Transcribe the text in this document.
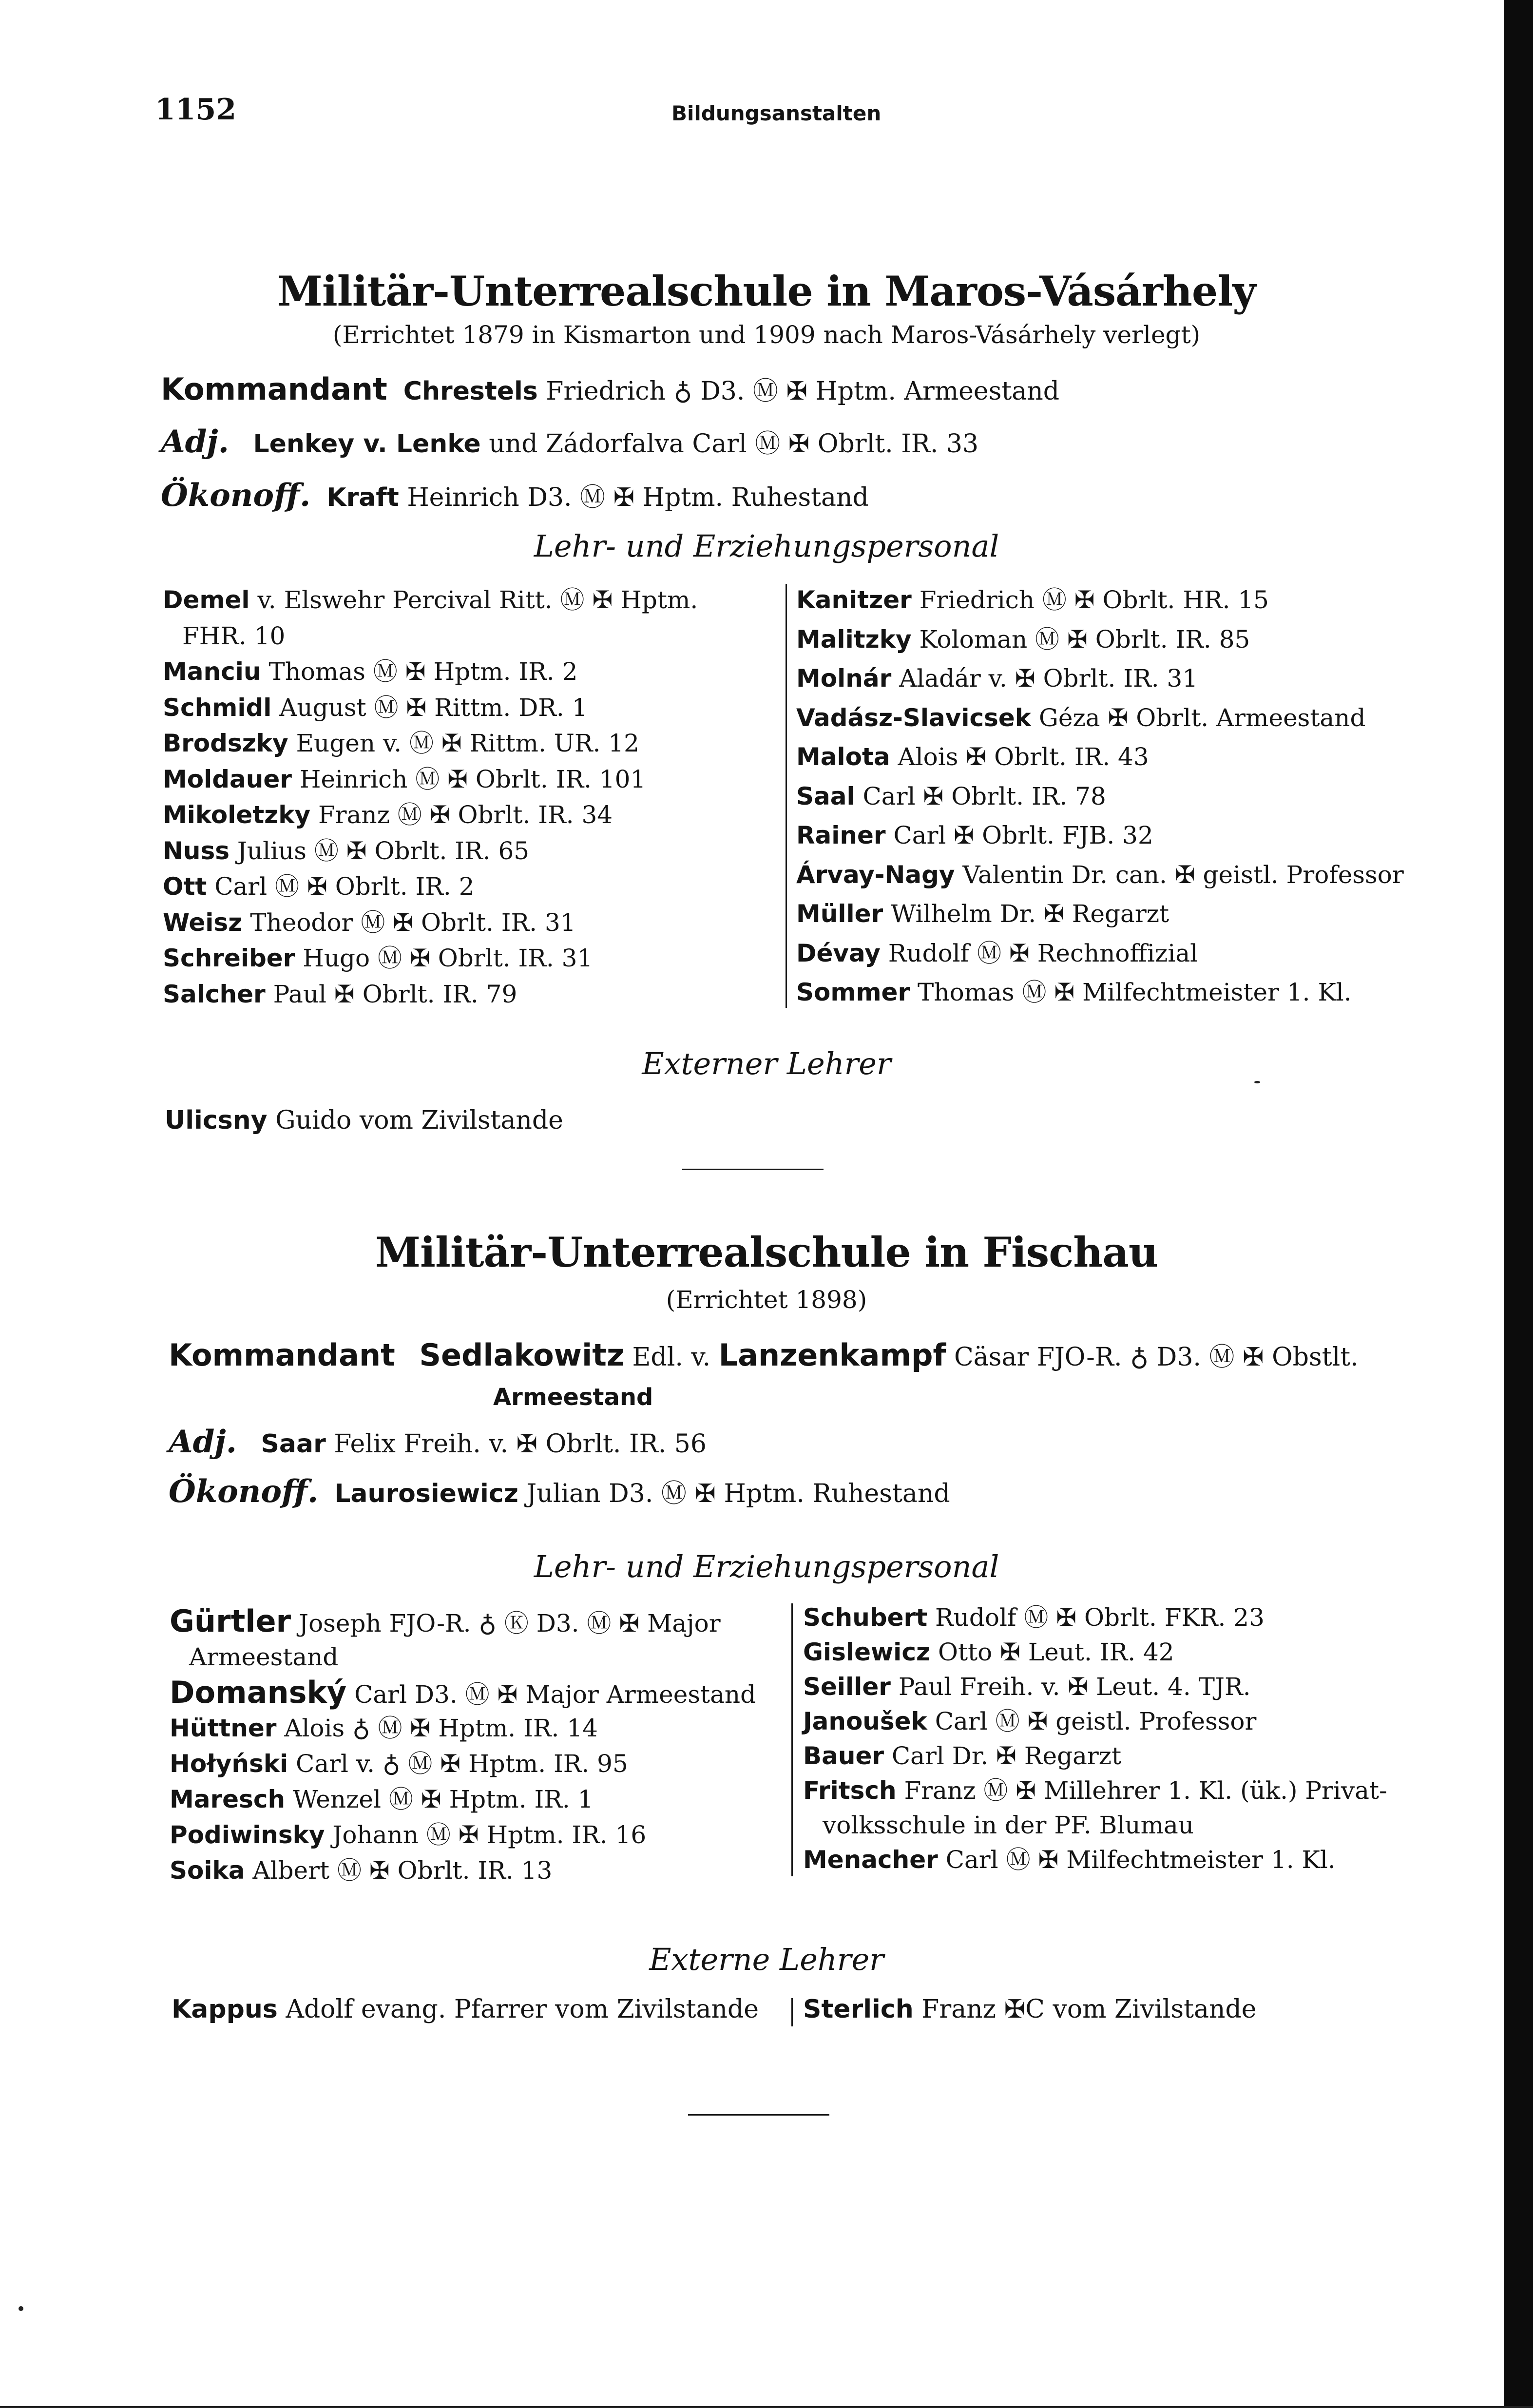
1152	Bildungsanstalten
Militär-Unterrealschule in Maros-Vásárhely
(Errichtet 1879 in Kismarton und 1909 nach Maros-Vásárhely verlegt)
Kommandant Chrestels Friedrich ♁ D3. Ⓜ ✠ Hptm. Armeestand
Adj. Lenkey v. Lenke und Zádorfalva Carl Ⓜ ✠ Obrlt. IR. 33
Ökonoff. Kraft Heinrich D3. Ⓜ ✠ Hptm. Ruhestand
Lehr- und Erziehungspersonal
Demel v. Elswehr Percival Ritt. Ⓜ ✠ Hptm.
FHR. 10
Manciu Thomas Ⓜ ✠ Hptm. IR. 2
Schmidl August Ⓜ ✠ Rittm. DR. 1
Brodszky Eugen v. Ⓜ ✠ Rittm. UR. 12
Moldauer Heinrich Ⓜ ✠ Obrlt. IR. 101
Mikoletzky Franz Ⓜ ✠ Obrlt. IR. 34
Nuss Julius Ⓜ ✠ Obrlt. IR. 65
Ott Carl Ⓜ ✠ Obrlt. IR. 2
Weisz Theodor Ⓜ ✠ Obrlt. IR. 31
Schreiber Hugo Ⓜ ✠ Obrlt. IR. 31
Salcher Paul ✠ Obrlt. IR. 79
Kanitzer Friedrich Ⓜ ✠ Obrlt. HR. 15
Malitzky Koloman Ⓜ ✠ Obrlt. IR. 85
Molnár Aladár v. ✠ Obrlt. IR. 31
Vadász-Slavicsek Géza ✠ Obrlt. Armeestand
Malota Alois ✠ Obrlt. IR. 43
Saal Carl ✠ Obrlt. IR. 78
Rainer Carl ✠ Obrlt. FJB. 32
Árvay-Nagy Valentin Dr. can. ✠ geistl. Professor
Müller Wilhelm Dr. ✠ Regarzt
Dévay Rudolf Ⓜ ✠ Rechnoffizial
Sommer Thomas Ⓜ ✠ Milfechtmeister 1. Kl.
Externer Lehrer
Ulicsny Guido vom Zivilstande
Militär-Unterrealschule in Fischau
(Errichtet 1898)
Kommandant Sedlakowitz Edl. v. Lanzenkampf Cäsar FJO-R. ♁ D3. Ⓜ ✠ Obstlt.
Armeestand
Adj. Saar Felix Freih. v. ✠ Obrlt. IR. 56
Ökonoff. Laurosiewicz Julian D3. Ⓜ ✠ Hptm. Ruhestand
Lehr- und Erziehungspersonal
Gürtler Joseph FJO-R. ♁ Ⓚ D3. Ⓜ ✠ Major
Armeestand
Domanský Carl D3. Ⓜ ✠ Major Armeestand
Hüttner Alois ♁ Ⓜ ✠ Hptm. IR. 14
Hołyński Carl v. ♁ Ⓜ ✠ Hptm. IR. 95
Maresch Wenzel Ⓜ ✠ Hptm. IR. 1
Podiwinsky Johann Ⓜ ✠ Hptm. IR. 16
Soika Albert Ⓜ ✠ Obrlt. IR. 13
Schubert Rudolf Ⓜ ✠ Obrlt. FKR. 23
Gislewicz Otto ✠ Leut. IR. 42
Seiller Paul Freih. v. ✠ Leut. 4. TJR.
Janoušek Carl Ⓜ ✠ geistl. Professor
Bauer Carl Dr. ✠ Regarzt
Fritsch Franz Ⓜ ✠ Millehrer 1. Kl. (ük.) Privat-
volksschule in der PF. Blumau
Menacher Carl Ⓜ ✠ Milfechtmeister 1. Kl.
Externe Lehrer
Kappus Adolf evang. Pfarrer vom Zivilstande Sterlich Franz ✠C vom Zivilstande
